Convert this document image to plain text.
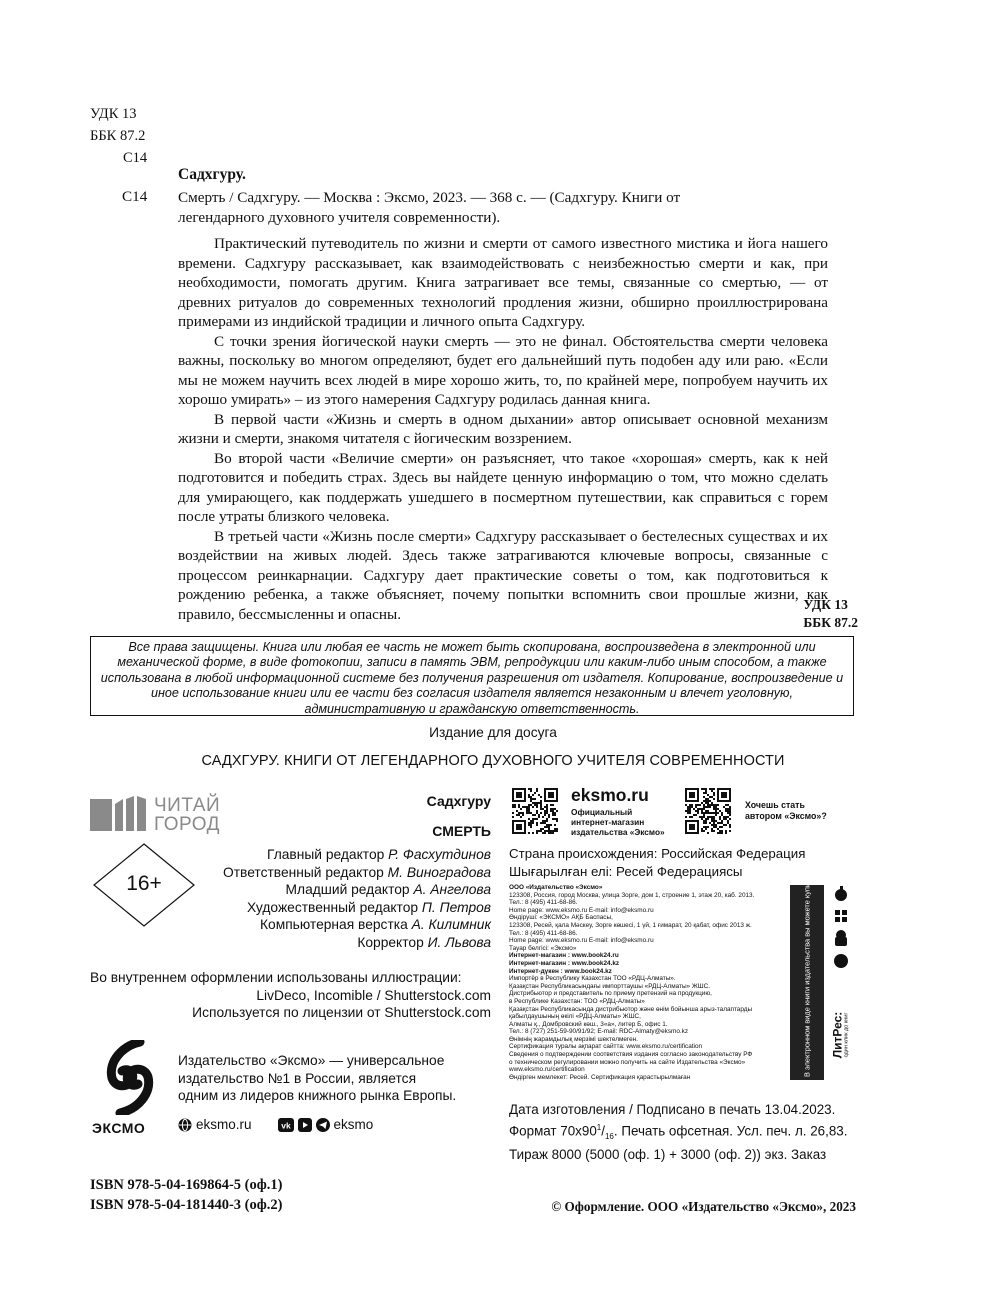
УДК 13
ББК 87.2
С14
Садхгуру.
С14 Смерть / Садхгуру. — Москва : Эксмо, 2023. — 368 с. — (Садхгуру. Книги от
легендарного духовного учителя современности).
Практический путеводитель по жизни и смерти от самого известного мистика и йога нашего времени. Садхгуру рассказывает, как взаимодействовать с неизбежностью смерти и как, при необходимости, помогать другим. Книга затрагивает все темы, связанные со смертью, — от древних ритуалов до современных технологий продления жизни, обширно проиллюстрирована примерами из индийской традиции и личного опыта Садхгуру.
С точки зрения йогической науки смерть — это не финал. Обстоятельства смерти человека важны, поскольку во многом определяют, будет его дальнейший путь подобен аду или раю. «Если мы не можем научить всех людей в мире хорошо жить, то, по крайней мере, попробуем научить их хорошо умирать» – из этого намерения Садхгуру родилась данная книга.
В первой части «Жизнь и смерть в одном дыхании» автор описывает основной механизм жизни и смерти, знакомя читателя с йогическим воззрением.
Во второй части «Величие смерти» он разъясняет, что такое «хорошая» смерть, как к ней подготовится и победить страх. Здесь вы найдете ценную информацию о том, что можно сделать для умирающего, как поддержать ушедшего в посмертном путешествии, как справиться с горем после утраты близкого человека.
В третьей части «Жизнь после смерти» Садхгуру рассказывает о бестелесных существах и их воздействии на живых людей. Здесь также затрагиваются ключевые вопросы, связанные с процессом реинкарнации. Садхгуру дает практические советы о том, как подготовиться к рождению ребенка, а также объясняет, почему попытки вспомнить свои прошлые жизни, как правило, бессмысленны и опасны.
УДК 13
ББК 87.2
Все права защищены. Книга или любая ее часть не может быть скопирована, воспроизведена в электронной или механической форме, в виде фотокопии, записи в память ЭВМ, репродукции или каким-либо иным способом, а также использована в любой информационной системе без получения разрешения от издателя. Копирование, воспроизведение и иное использование книги или ее части без согласия издателя является незаконным и влечет уголовную, административную и гражданскую ответственность.
Издание для досуга
САДХГУРУ. КНИГИ ОТ ЛЕГЕНДАРНОГО ДУХОВНОГО УЧИТЕЛЯ СОВРЕМЕННОСТИ
ЧИТАЙ
ГОРОД
Садхгуру
СМЕРТЬ
16+
Главный редактор Р. Фасхутдинов
Ответственный редактор М. Виноградова
Младший редактор А. Ангелова
Художественный редактор П. Петров
Компьютерная верстка А. Килимник
Корректор И. Львова
Во внутреннем оформлении использованы иллюстрации:
LivDeco, Incomible / Shutterstock.com
Используется по лицензии от Shutterstock.com
ЭКСМО
Издательство «Эксмо» — универсальное
издательство №1 в России, является
одним из лидеров книжного рынка Европы.
eksmo.ru	vk	eksmo
eksmo.ru
Официальный
интернет-магазин
издательства «Эксмо»
Хочешь стать
автором «Эксмо»?
Страна происхождения: Российская Федерация
Шығарылған елі: Ресей Федерациясы
ООО «Издательство «Эксмо»
123308, Россия, город Москва, улица Зорге, дом 1, строение 1, этаж 20, каб. 2013.
Тел.: 8 (495) 411-68-86.
Home page: www.eksmo.ru E-mail: info@eksmo.ru
Өндіруші: «ЭКСМО» АҚБ Баспасы,
123308, Ресей, қала Мәскеу, Зорге көшесі, 1 үй, 1 ғимарат, 20 қабат, офис 2013 ж.
Тел.: 8 (495) 411-68-86.
Home page: www.eksmo.ru E-mail: info@eksmo.ru
Тауар белгісі: «Эксмо»
Интернет-магазин : www.book24.ru
Интернет-магазин : www.book24.kz
Интернет-дүкен : www.book24.kz
Импортёр в Республику Казахстан ТОО «РДЦ-Алматы».
Қазақстан Республикасындағы импорттаушы «РДЦ-Алматы» ЖШС.
Дистрибьютор и представитель по приему претензий на продукцию,
в Республике Казахстан: ТОО «РДЦ-Алматы»
Қазақстан Республикасында дистрибьютор және өнім бойынша арыз-талаптарды
қабылдаушының өкілі «РДЦ-Алматы» ЖШС,
Алматы қ., Домбровский көш., 3«а», литер Б, офис 1.
Тел.: 8 (727) 251-59-90/91/92; E-mail: RDC-Almaty@eksmo.kz
Өнімнің жарамдылық мерзімі шектелмеген.
Сертификация туралы ақпарат сайтта: www.eksmo.ru/certification
Сведения о подтверждении соответствия издания согласно законодательству РФ
о техническом регулировании можно получить на сайте Издательства «Эксмо»
www.eksmo.ru/certification
Өндірген мемлекет: Ресей. Сертификация қарастырылмаған
В электронном виде книги издательства вы можете купить на www.litres.ru ЛитРес: один клик до книг
Дата изготовления / Подписано в печать 13.04.2023.
Формат $70х90^1/_{16}$. Печать офсетная. Усл. печ. л. 26,83.
Тираж 8000 (5000 (оф. 1) + 3000 (оф. 2)) экз. Заказ
ISBN 978-5-04-169864-5 (оф.1)
ISBN 978-5-04-181440-3 (оф.2)	© Оформление. ООО «Издательство «Эксмо», 2023
